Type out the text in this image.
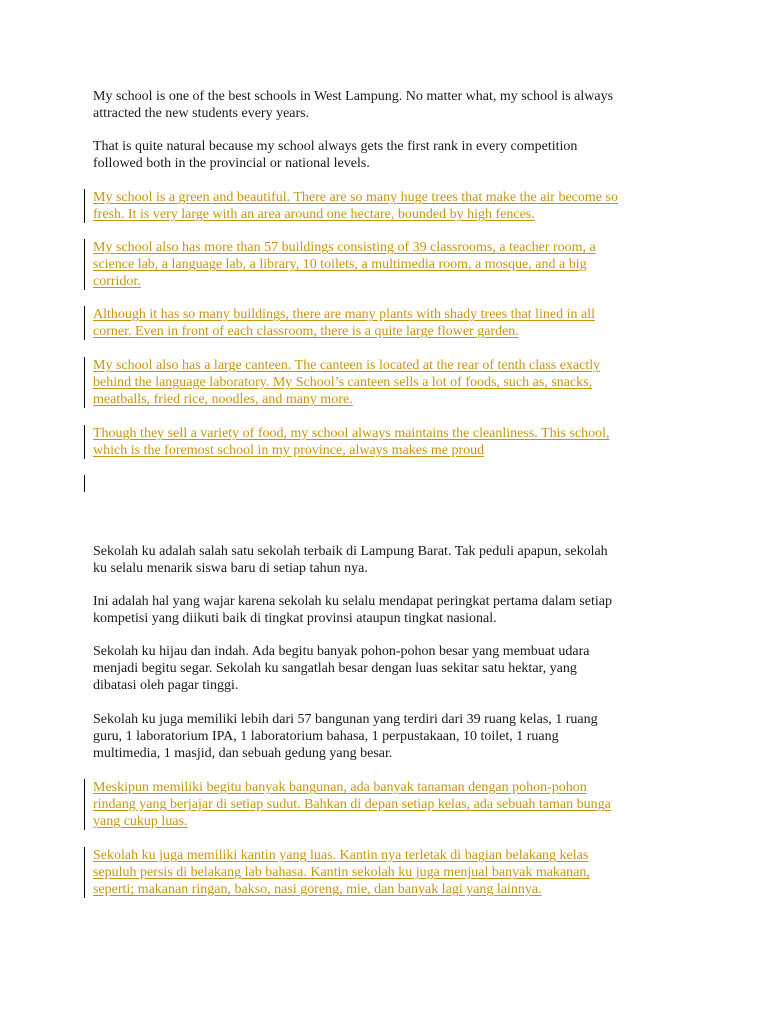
My school is one of the best schools in West Lampung. No matter what, my school is always
attracted the new students every years.

That is quite natural because my school always gets the first rank in every competition
followed both in the provincial or national levels.

My school is a green and beautiful. There are so many huge trees that make the air become so
fresh. It is very large with an area around one hectare, bounded by high fences.

My school also has more than 57 buildings consisting of 39 classrooms, a teacher room, a
science lab, a language lab, a library, 10 toilets, a multimedia room, a mosque, and a big
corridor.

Although it has so many buildings, there are many plants with shady trees that lined in all
corner. Even in front of each classroom, there is a quite large flower garden.

My school also has a large canteen. The canteen is located at the rear of tenth class exactly
behind the language laboratory. My School’s canteen sells a lot of foods, such as, snacks,
meatballs, fried rice, noodles, and many more.

Though they sell a variety of food, my school always maintains the cleanliness. This school,
which is the foremost school in my province, always makes me proud

Sekolah ku adalah salah satu sekolah terbaik di Lampung Barat. Tak peduli apapun, sekolah
ku selalu menarik siswa baru di setiap tahun nya.

Ini adalah hal yang wajar karena sekolah ku selalu mendapat peringkat pertama dalam setiap
kompetisi yang diikuti baik di tingkat provinsi ataupun tingkat nasional.

Sekolah ku hijau dan indah. Ada begitu banyak pohon-pohon besar yang membuat udara
menjadi begitu segar. Sekolah ku sangatlah besar dengan luas sekitar satu hektar, yang
dibatasi oleh pagar tinggi.

Sekolah ku juga memiliki lebih dari 57 bangunan yang terdiri dari 39 ruang kelas, 1 ruang
guru, 1 laboratorium IPA, 1 laboratorium bahasa, 1 perpustakaan, 10 toilet, 1 ruang
multimedia, 1 masjid, dan sebuah gedung yang besar.

Meskipun memiliki begitu banyak bangunan, ada banyak tanaman dengan pohon-pohon
rindang yang berjajar di setiap sudut. Bahkan di depan setiap kelas, ada sebuah taman bunga
yang cukup luas.

Sekolah ku juga memiliki kantin yang luas. Kantin nya terletak di bagian belakang kelas
sepuluh persis di belakang lab bahasa. Kantin sekolah ku juga menjual banyak makanan,
seperti; makanan ringan, bakso, nasi goreng, mie, dan banyak lagi yang lainnya.
